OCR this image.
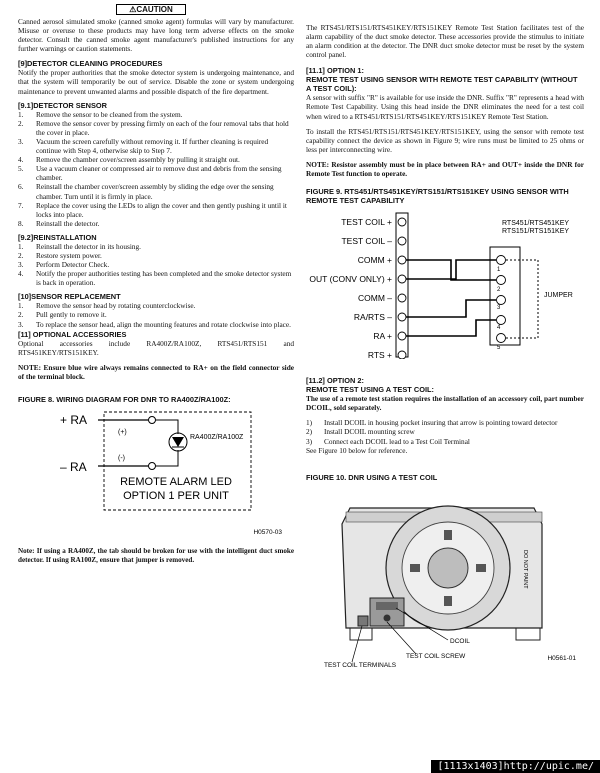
⚠CAUTION

Canned aerosol simulated smoke (canned smoke agent) formulas will vary by manufacturer. Misuse or overuse to these products may have long term adverse effects on the smoke detector. Consult the canned smoke agent manufacturer's published instructions for any further warnings or caution statements.

[9]DETECTOR CLEANING PROCEDURES

Notify the proper authorities that the smoke detector system is undergoing maintenance, and that the system will temporarily be out of service. Disable the zone or system undergoing maintenance to prevent unwanted alarms and possible dispatch of the fire department.

[9.1]DETECTOR SENSOR
1.	Remove the sensor to be cleaned from the system.
2.	Remove the sensor cover by pressing firmly on each of the four removal tabs that hold the cover in place.
3.	Vacuum the screen carefully without removing it. If further cleaning is required continue with Step 4, otherwise skip to Step 7.
4.	Remove the chamber cover/screen assembly by pulling it straight out.
5.	Use a vacuum cleaner or compressed air to remove dust and debris from the sensing chamber.
6.	Reinstall the chamber cover/screen assembly by sliding the edge over the sensing chamber. Turn until it is firmly in place.
7.	Replace the cover using the LEDs to align the cover and then gently pushing it until it locks into place.
8.	Reinstall the detector.
[9.2]REINSTALLATION
1.	Reinstall the detector in its housing.
2.	Restore system power.
3.	Perform Detector Check.
4.	Notify the proper authorities testing has been completed and the smoke detector system is back in operation.
[10]SENSOR REPLACEMENT
1.	Remove the sensor head by rotating counterclockwise.
2.	Pull gently to remove it.
3.	To replace the sensor head, align the mounting features and rotate clockwise into place.
[11] OPTIONAL ACCESSORIES

Optional accessories include RA400Z/RA100Z, RTS451/RTS151 and RTS451KEY/RTS151KEY.

NOTE: Ensure blue wire always remains connected to RA+ on the field connector side of the terminal block.

FIGURE 8. WIRING DIAGRAM FOR DNR TO RA400Z/RA100Z:
+ RA
– RA
(+)
(-)
RA400Z/RA100Z
REMOTE ALARM LED
OPTION 1 PER UNIT
H0570-03

Note: If using a RA400Z, the tab should be broken for use with the intelligent duct smoke detector. If using RA100Z, ensure that jumper is removed.

The RTS451/RTS151/RTS451KEY/RTS151KEY Remote Test Station facilitates test of the alarm capability of the duct smoke detector. These accessories provide the stimulus to initiate an alarm condition at the detector. The DNR duct smoke detector must be reset by the system control panel.

[11.1] OPTION 1:
REMOTE TEST USING SENSOR WITH REMOTE TEST CAPABILITY (WITHOUT A TEST COIL):

A sensor with suffix "R" is available for use inside the DNR. Suffix "R" represents a head with Remote Test Capability. Using this head inside the DNR eliminates the need for a test coil when wired to a RTS451/RTS151/RTS451KEY/RTS151KEY Remote Test Station.

To install the RTS451/RTS151/RTS451KEY/RTS151KEY, using the sensor with remote test capability connect the device as shown in Figure 9; wire runs must be limited to 25 ohms or less per interconnecting wire.

NOTE: Resistor assembly must be in place between RA+ and OUT+ inside the DNR for Remote Test function to operate.

FIGURE 9. RTS451/RTS451KEY/RTS151/RTS151KEY USING SENSOR WITH REMOTE TEST CAPABILITY
TEST COIL +
TEST COIL –
COMM +
OUT (CONV ONLY) +
COMM –
RA/RTS –
RA +
RTS +
RTS451/RTS451KEY
RTS151/RTS151KEY
1
2
3
4
5
JUMPER
[11.2] OPTION 2:
REMOTE TEST USING A TEST COIL:

The use of a remote test station requires the installation of an accessory coil, part number DCOIL, sold separately.

1)	Install DCOIL in housing pocket insuring that arrow is pointing toward detector
2)	Install DCOIL mounting screw
3)	Connect each DCOIL lead to a Test Coil Terminal

See Figure 10 below for reference.

FIGURE 10. DNR USING A TEST COIL
DO NOT PAINT
DCOIL
TEST COIL SCREW
TEST COIL TERMINALS
H0561-01
[1113x1403]http://upic.me/
